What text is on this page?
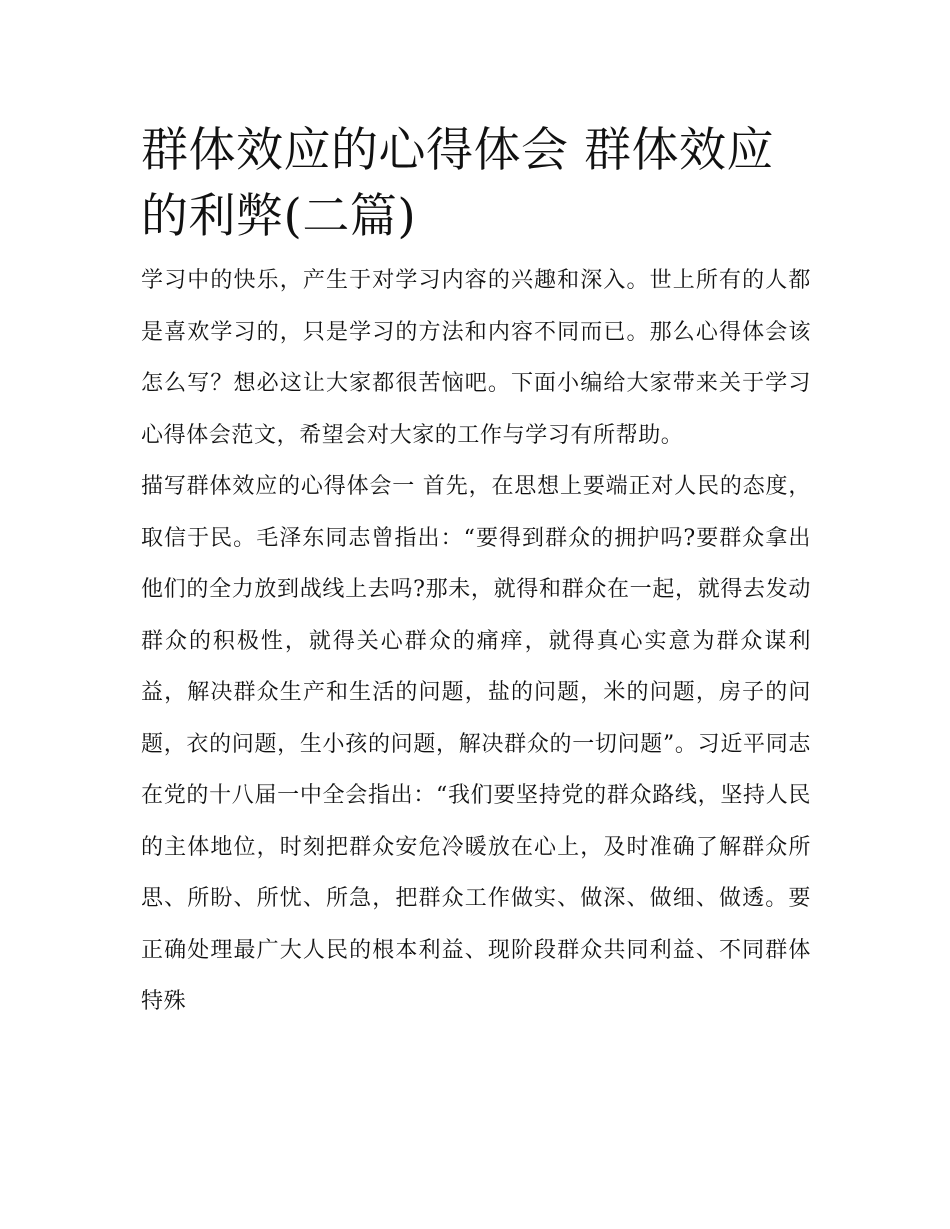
群体效应的心得体会 群体效应的利弊(二篇)

学习中的快乐，产生于对学习内容的兴趣和深入。世上所有的人都是喜欢学习的，只是学习的方法和内容不同而已。那么心得体会该怎么写？想必这让大家都很苦恼吧。下面小编给大家带来关于学习心得体会范文，希望会对大家的工作与学习有所帮助。

描写群体效应的心得体会一 首先，在思想上要端正对人民的态度，取信于民。毛泽东同志曾指出：“要得到群众的拥护吗?要群众拿出他们的全力放到战线上去吗?那未，就得和群众在一起，就得去发动群众的积极性，就得关心群众的痛痒，就得真心实意为群众谋利益，解决群众生产和生活的问题，盐的问题，米的问题，房子的问题，衣的问题，生小孩的问题，解决群众的一切问题”。习近平同志在党的十八届一中全会指出：“我们要坚持党的群众路线，坚持人民的主体地位，时刻把群众安危冷暖放在心上，及时准确了解群众所思、所盼、所忧、所急，把群众工作做实、做深、做细、做透。要正确处理最广大人民的根本利益、现阶段群众共同利益、不同群体特殊
